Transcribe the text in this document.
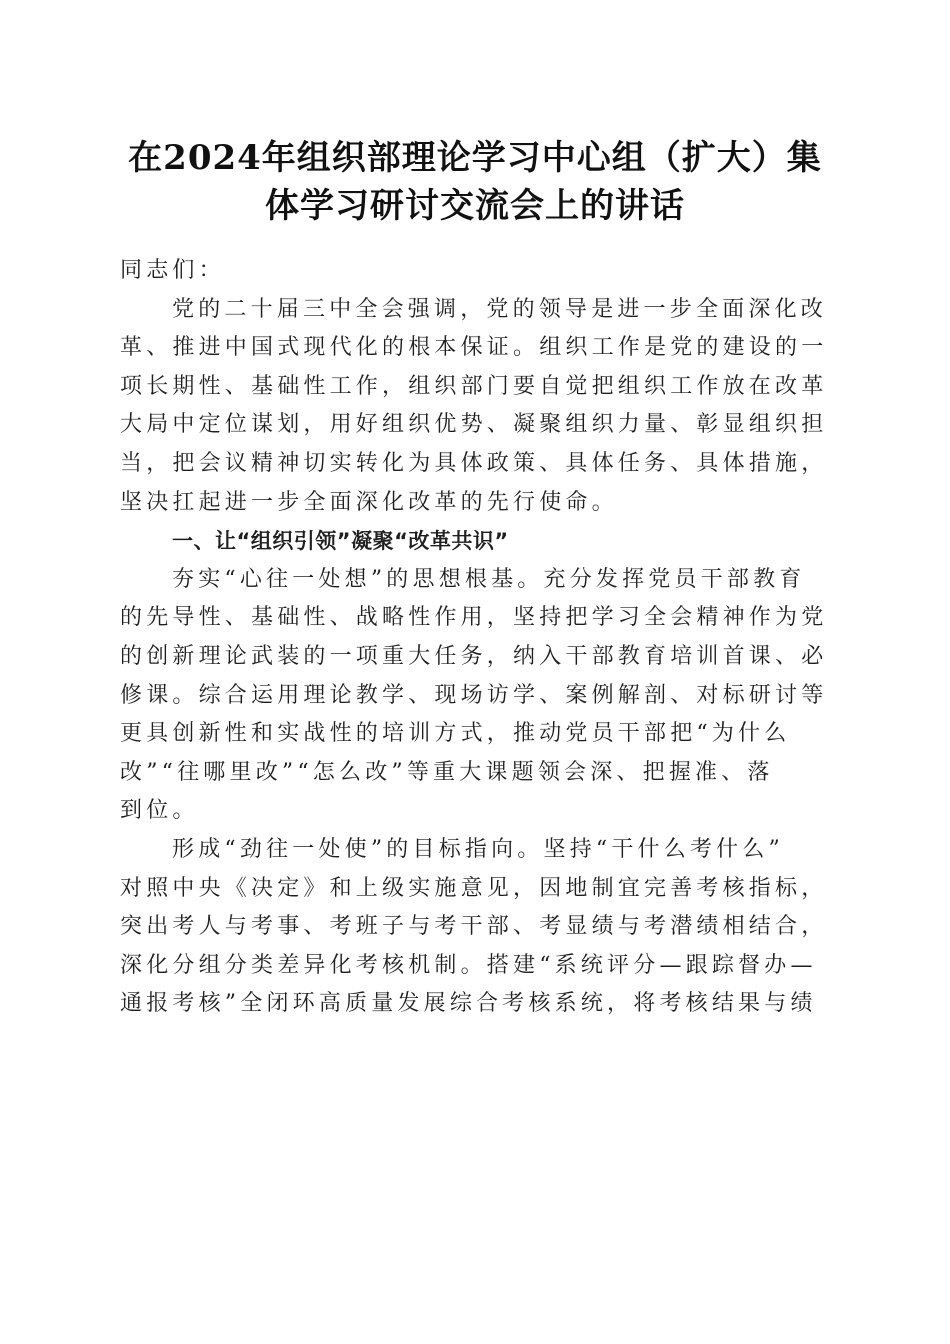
在2024年组织部理论学习中心组（扩大）集
体学习研讨交流会上的讲话
同志们：
党的二十届三中全会强调，党的领导是进一步全面深化改
革、推进中国式现代化的根本保证。组织工作是党的建设的一
项长期性、基础性工作，组织部门要自觉把组织工作放在改革
大局中定位谋划，用好组织优势、凝聚组织力量、彰显组织担
当，把会议精神切实转化为具体政策、具体任务、具体措施，
坚决扛起进一步全面深化改革的先行使命。
一、让“组织引领”凝聚“改革共识”
夯实“心往一处想”的思想根基。充分发挥党员干部教育
的先导性、基础性、战略性作用，坚持把学习全会精神作为党
的创新理论武装的一项重大任务，纳入干部教育培训首课、必
修课。综合运用理论教学、现场访学、案例解剖、对标研讨等
更具创新性和实战性的培训方式，推动党员干部把“为什么
改”“往哪里改”“怎么改”等重大课题领会深、把握准、落
到位。
形成“劲往一处使”的目标指向。坚持“干什么考什么”
对照中央《决定》和上级实施意见，因地制宜完善考核指标，
突出考人与考事、考班子与考干部、考显绩与考潜绩相结合，
深化分组分类差异化考核机制。搭建“系统评分—跟踪督办—
通报考核”全闭环高质量发展综合考核系统，将考核结果与绩
